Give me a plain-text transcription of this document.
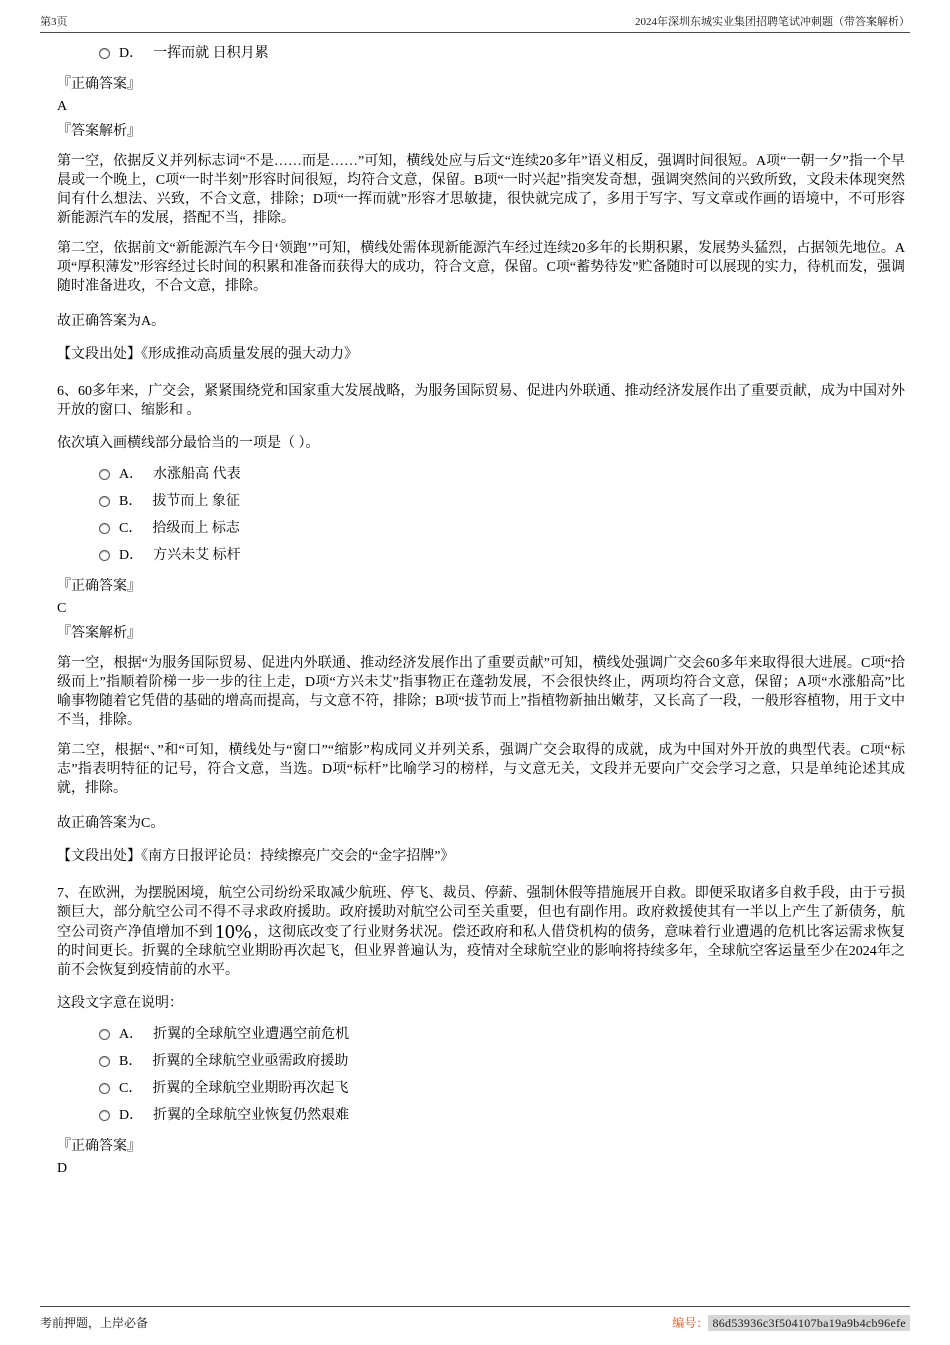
第3页	2024年深圳东城实业集团招聘笔试冲刺题（带答案解析）
D． 一挥而就 日积月累
『正确答案』
A
『答案解析』

第一空，依据反义并列标志词“不是……而是……”可知，横线处应与后文“连续20多年”语义相反，强调时间很短。A项“一朝一夕”指一个早晨或一个晚上，C项“一时半刻”形容时间很短，均符合文意，保留。B项“一时兴起”指突发奇想，强调突然间的兴致所致，文段未体现突然间有什么想法、兴致，不合文意，排除；D项“一挥而就”形容才思敏捷，很快就完成了，多用于写字、写文章或作画的语境中，不可形容新能源汽车的发展，搭配不当，排除。

第二空，依据前文“新能源汽车今日‘领跑’”可知，横线处需体现新能源汽车经过连续20多年的长期积累，发展势头猛烈，占据领先地位。A项“厚积薄发”形容经过长时间的积累和准备而获得大的成功，符合文意，保留。C项“蓄势待发”贮备随时可以展现的实力，待机而发，强调随时准备进攻，不合文意，排除。

故正确答案为A。

【文段出处】《形成推动高质量发展的强大动力》

6、60多年来，广交会，紧紧围绕党和国家重大发展战略，为服务国际贸易、促进内外联通、推动经济发展作出了重要贡献，成为中国对外开放的窗口、缩影和 。

依次填入画横线部分最恰当的一项是（ ）。

A． 水涨船高 代表
B． 拔节而上 象征
C． 拾级而上 标志
D． 方兴未艾 标杆
『正确答案』
C
『答案解析』

第一空，根据“为服务国际贸易、促进内外联通、推动经济发展作出了重要贡献”可知，横线处强调广交会60多年来取得很大进展。C项“拾级而上”指顺着阶梯一步一步的往上走，D项“方兴未艾”指事物正在蓬勃发展，不会很快终止，两项均符合文意，保留；A项“水涨船高”比喻事物随着它凭借的基础的增高而提高，与文意不符，排除；B项“拔节而上”指植物新抽出嫩芽，又长高了一段，一般形容植物，用于文中不当，排除。

第二空，根据“、”和“可知，横线处与“窗口”“缩影”构成同义并列关系，强调广交会取得的成就，成为中国对外开放的典型代表。C项“标志”指表明特征的记号，符合文意，当选。D项“标杆”比喻学习的榜样，与文意无关，文段并无要向广交会学习之意，只是单纯论述其成就，排除。

故正确答案为C。

【文段出处】《南方日报评论员：持续擦亮广交会的“金字招牌”》

7、在欧洲，为摆脱困境，航空公司纷纷采取减少航班、停飞、裁员、停薪、强制休假等措施展开自救。即便采取诸多自救手段，由于亏损额巨大，部分航空公司不得不寻求政府援助。政府援助对航空公司至关重要，但也有副作用。政府救援使其有一半以上产生了新债务，航空公司资产净值增加不到 10% ，这彻底改变了行业财务状况。偿还政府和私人借贷机构的债务，意味着行业遭遇的危机比客运需求恢复的时间更长。折翼的全球航空业期盼再次起飞，但业界普遍认为，疫情对全球航空业的影响将持续多年，全球航空客运量至少在2024年之前不会恢复到疫情前的水平。

这段文字意在说明：

A． 折翼的全球航空业遭遇空前危机
B． 折翼的全球航空业亟需政府援助
C． 折翼的全球航空业期盼再次起飞
D． 折翼的全球航空业恢复仍然艰难
『正确答案』
D
考前押题，上岸必备	编号： 86d53936c3f504107ba19a9b4cb96efe
